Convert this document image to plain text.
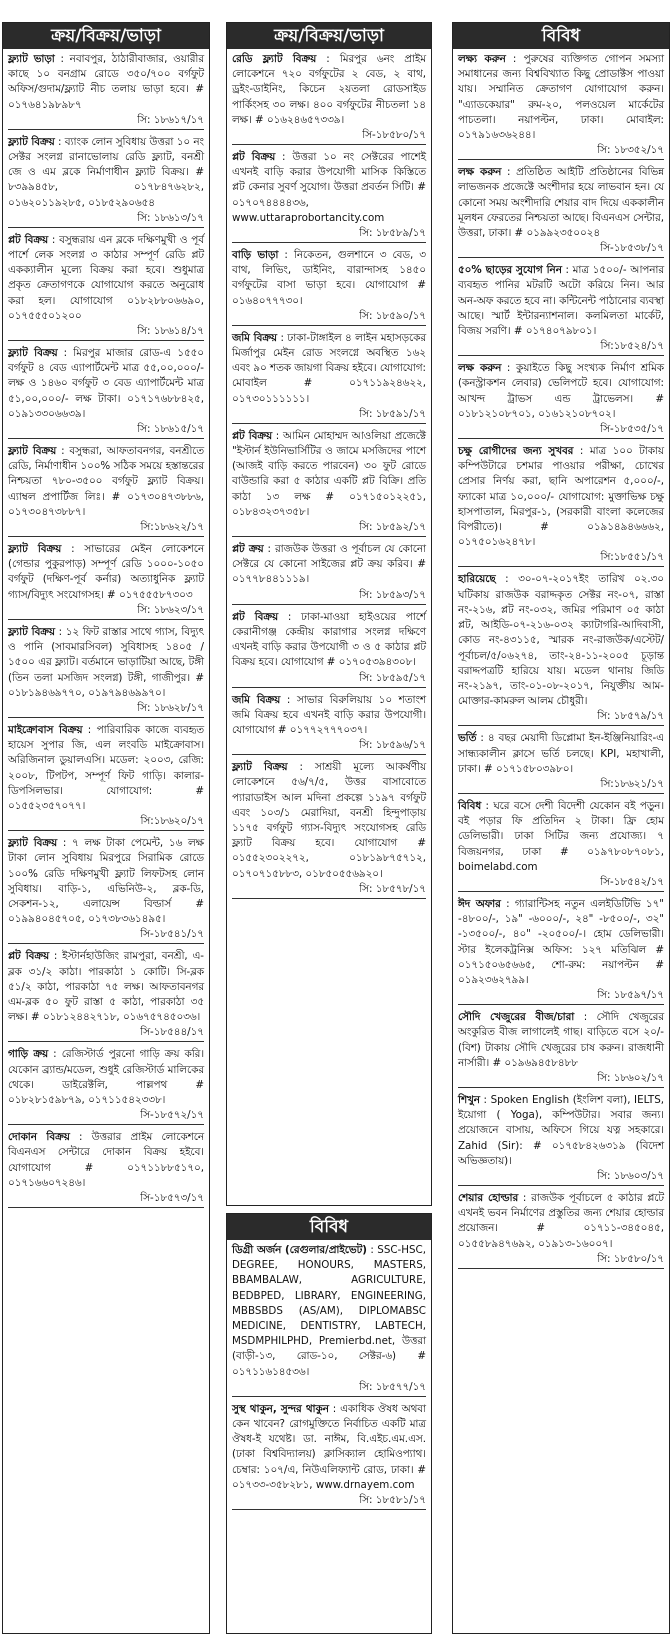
ক্রয়/বিক্রয়/ভাড়া
ফ্ল্যাট ভাড়া : নবাবপুর, ঠাঠারীবাজার, ওয়ারীর কাছে ১০ বনগ্রাম রোডে ৩৫০/৭০০ বর্গফুট অফিস/গুদাম/ফ্ল্যাট নীচ তলায় ভাড়া হবে। # ০১৭৬৪১৯৮৯৮৭
সি: ১৮৬১৭/১৭
ফ্ল্যাট বিক্রয় : ব্যাংক লোন সুবিধায় উত্তরা ১০ নং সেক্টর সংলগ্ন রানাভোলায় রেডি ফ্ল্যাট, বনশ্রী জে ও এম ব্লকে নির্মাণাধীন ফ্ল্যাট বিক্রয়। # ৮৩৯৯৪৫৮, ০১৭৮৪৭৬২৮২, ০১৬২০১১৯২৮৫, ০১৮৫২৯০৬৫৪
সি: ১৮৬১৩/১৭
প্লট বিক্রয় : বসুন্ধরায় এন ব্লকে দক্ষিণমুখী ও পূর্ব পার্শে লেক সংলগ্ন ৩ কাঠার সম্পূর্ণ রেডি প্লট একক্যালীন মূল্যে বিক্রয় করা হবে। শুধুমাত্র প্রকৃত ক্রেতাগণকে যোগাযোগ করতে অনুরোধ করা হল। যোগাযোগ ০১৮২৮৮০৬৬৯০, ০১৭৫৫৫০১২০০
সি: ১৮৬১৪/১৭
ফ্ল্যাট বিক্রয় : মিরপুর মাজার রোড-এ ১৫৫০ বর্গফুট ৪ বেড এ্যাপার্টমেন্ট মাত্র ৫৫,০০,০০০/- লক্ষ ও ১৪৬০ বর্গফুট ৩ বেড এ্যাপার্টমেন্ট মাত্র ৫১,০০,০০০/- লক্ষ টাকা। ০১৭১৭৬৮৮৪২৫, ০১৯১৩৩০৬৬৩৯।
সি: ১৮৬১৫/১৭
ফ্ল্যাট বিক্রয় : বসুন্ধরা, আফতাবনগর, বনশ্রীতে রেডি, নির্মাণাধীন ১০০% সঠিক সময়ে হস্তান্তরের নিশ্চয়তা ৭৮০-৩৫০০ বর্গফুট ফ্ল্যাট বিক্রয়। এ্যাম্বল প্রপার্টিজ লিঃ। # ০১৭৩০৪৭৩৮৮৬, ০১৭৩০৪৭৩৮৮৭।
সি:১৮৬২২/১৭
ফ্ল্যাট বিক্রয় : সাভারের মেইন লোকেশনে (গেন্ডার পুকুরপাড়) সম্পূর্ণ রেডি ১০০০-১০৫০ বর্গফুট (দক্ষিণ-পূর্ব কর্নার) অত্যাধুনিক ফ্ল্যাট গ্যাস/বিদ্যুৎ সংযোগসহ। # ০১৭৫৫৫৮৭৩০৩
সি: ১৮৬২৩/১৭
ফ্ল্যাট বিক্রয় : ১২ ফিট রাস্তার সাথে গ্যাস, বিদ্যুৎ ও পানি (সাবমারসিবল) সুবিধাসহ ১৪০৫ /১৫০০ এর ফ্ল্যাট। বর্তমানে ভাড়াটিয়া আছে, টঙ্গী (তিন তলা মসজিদ সংলগ্ন) টঙ্গী, গাজীপুর। # ০১৮১৯৪৬৯৭৭০, ০১৯৭৯৪৬৯৯৭০।
সি: ১৮৬২৮/১৭
মাইক্রোবাস বিক্রয় : পারিবারিক কাজে ব্যবহৃত হায়েস সুপার জি, এল লংবডি মাইক্রোবাস। অরিজিনাল ডুয়ালএসি। মডেল: ২০০৩, রেজি: ২০০৮, টিপটপ, সম্পূর্ণ ফিট গাড়ি। কালার-ডিপসিলভার। যোগাযোগ: # ০১৫৫২৩৫৭০৭৭।
সি:১৮৬২০/১৭
ফ্ল্যাট বিক্রয় : ৭ লক্ষ টাকা পেমেন্ট, ১৬ লক্ষ টাকা লোন সুবিধায় মিরপুরে সিরামিক রোডে ১০০% রেডি দক্ষিণমুখী ফ্ল্যাট লিফটসহ লোন সুবিধায়। বাড়ি-১, এভিনিউ-২, ব্লক-ডি, সেকশন-১২, এলায়েন্স বিল্ডার্স # ০১৯৯৪০৪৫৭০৫, ০১৭৩৮৩৬১৪৯৫।
সি-১৮৫৪১/১৭
প্লট বিক্রয় : ইস্টার্নহাউজিং রামপুরা, বনশ্রী, এ-ব্লক ৩১/২ কাঠা। পারকাঠা ১ কোটি। সি-ব্লক ৫১/২ কাঠা, পারকাঠা ৭৫ লক্ষ। আফতাবনগর এম-ব্লক ৫০ ফুট রাস্তা ৫ কাঠা, পারকাঠা ৩৫ লক্ষ। # ০১৮১২৪৪২৭১৮, ০১৬৭৫৭৪৫০৩৬।
সি-১৮৫৪৪/১৭
গাড়ি ক্রয় : রেজিস্টার্ড পুরনো গাড়ি ক্রয় করি। যেকোন ব্র্যান্ড/মডেল, শুধুই রেজিস্টার্ড মালিকের থেকে। ডাইরেক্টলি, পাল্লপথ # ০১৮২৮১৫৯৮৭৯, ০১৭১১৫৪২৩৩৮।
সি-১৮৫৭২/১৭
দোকান বিক্রয় : উত্তরার প্রাইম লোকেশনে বিএনএস সেন্টারে দোকান বিক্রয় হইবে। যোগাযোগ # ০১৭১১৮৮৫১৭০, ০১৭১৬৬০৭২৪৬।
সি-১৮৫৭৩/১৭
ক্রয়/বিক্রয়/ভাড়া
রেডি ফ্ল্যাট বিক্রয় : মিরপুর ৬নং প্রাইম লোকেশনে ৭২০ বর্গফুটের ২ বেড, ২ বাথ, ড্রইং-ডাইনিং, কিচেন ২য়তলা রোডসাইড পার্কিংসহ ৩০ লক্ষ। ৪০০ বর্গফুটের নীচতলা ১৪ লক্ষ। # ০১৬২৪৬৫৭৩৩৯।
সি-১৮৫৮০/১৭
প্লট বিক্রয় : উত্তরা ১০ নং সেক্টরের পাশেই এখনই বাড়ি করার উপযোগী মাসিক কিস্তিতে প্লট কেনার সুবর্ণ সুযোগ। উত্তরা প্রবর্তন সিটি। # ০১৭০৭৪৪৪৪৩৬, www.uttaraprobortancity.com
সি: ১৮৫৮৯/১৭
বাড়ি ভাড়া : নিকেতন, গুলশানে ৩ বেড, ৩ বাথ, লিভিং, ডাইনিং, বারান্দাসহ ১৪৫০ বর্গফুটের বাসা ভাড়া হবে। যোগাযোগ # ০১৬৪০৭৭৭৩০।
সি: ১৮৫৯০/১৭
জমি বিক্রয় : ঢাকা-টাঙ্গাইল ৪ লাইন মহাসড়কের মির্জাপুর মেইন রোড সংলগ্নে অবস্থিত ১৬২ এবং ৯০ শতক জায়গা বিক্রয় হইবে। যোগাযোগ: মোবাইল # ০১৭১১৯২৪৬২২, ০১৭৩০১১১১১১।
সি: ১৮৫৯১/১৭
প্লট বিক্রয় : আমিন মোহাম্মদ আওলিয়া প্রজেক্টে "ইস্টার্ন ইউনিভার্সিটির ও জামে মসজিদের পাশে (আজই বাড়ি করতে পারবেন) ৩০ ফুট রোডে বাউন্ডারি করা ৫ কাঠার একটি প্লট বিক্রি। প্রতি কাঠা ১৩ লক্ষ # ০১৭১৫০১২২৫১, ০১৮৪৩২৩৭৩৫৮।
সি: ১৮৫৯২/১৭
প্লট ক্রয় : রাজউক উত্তরা ও পূর্বাচল যে কোনো সেক্টরে যে কোনো সাইজের প্লট ক্রয় করিব। # ০১৭৭৮৪৪১১১৯।
সি: ১৮৫৯৩/১৭
প্লট বিক্রয় : ঢাকা-মাওয়া হাইওয়ের পার্শে কেরানীগঞ্জ কেন্দ্রীয় কারাগার সংলগ্ন দক্ষিণে এখনই বাড়ি করার উপযোগী ৩ ও ৫ কাঠার প্লট বিক্রয় হবে। যোগাযোগ # ০১৭০৫৩৯৪৩০৮।
সি: ১৮৫৯৫/১৭
জমি বিক্রয় : সাভার বিরুলিয়ায় ১০ শতাংশ জমি বিক্রয় হবে এখনই বাড়ি করার উপযোগী। যোগাযোগ # ০১৭৭২৭৭৭০৩৭।
সি: ১৮৫৯৬/১৭
ফ্ল্যাট বিক্রয় : সাশ্রয়ী মূল্যে আকর্ষণীয় লোকেশনে ৫৬/৭/৫, উত্তর বাসাবোতে প্যারাডাইস আল মদিনা প্রকল্পে ১১৯৭ বর্গফুট এবং ১০৩/১ মেরাদিয়া, বনশ্রী হিন্দুপাড়ায় ১১৭৫ বর্গফুট গ্যাস-বিদ্যুৎ সংযোগসহ রেডি ফ্ল্যাট বিক্রয় হবে। যোগাযোগ # ০১৫৫২৩০২২৭২, ০১৮১৯৮৭৫৭১২, ০১৭০৭১৫৮৮৩, ০১৮৫০৫৫৬৯২০।
সি: ১৮৫৭৮/১৭
বিবিধ
লক্ষ্য করুন : পুরুষের ব্যক্তিগত গোপন সমস্যা সমাধানের জন্য বিশ্ববিখ্যাত কিছু প্রোডাক্টস পাওয়া যায়। সম্মানিত ক্রেতাগণ যোগাযোগ করুন। "এ্যাডকেয়ার" রুম-২০, পলওয়েল মার্কেটের পাচতলা। নয়াপল্টন, ঢাকা। মোবাইল: ০১৭৯১৬৩৬২৪৪।
সি: ১৮৩৫২/১৭
লক্ষ করুন : প্রতিষ্ঠিত আইটি প্রতিষ্ঠানের বিভিন্ন লাভজনক প্রজেক্টে অংশীদার হয়ে লাভবান হন। যে কোনো সময় অংশীদারি শেয়ার বাদ দিয়ে এককালীন মূলধন ফেরতের নিশ্চয়তা আছে। বিএনএস সেন্টার, উত্তরা, ঢাকা। # ০১৯৯২৩৫০০২৪
সি-১৮৫৩৮/১৭
৫০% ছাড়ের সুযোগ নিন : মাত্র ১৫০০/- আপনার ব্যবহৃত পানির মটরটি অটো করিয়ে নিন। আর অন-অফ করতে হবে না। কন্টিনেন্ট পাঠানোর ব্যবস্থা আছে। স্মার্ট ইন্টারন্যাশনাল। কলমিলতা মার্কেট, বিজয় সরণি। # ০১৭৪০৭৯৮০১।
সি:১৮৫২৪/১৭
লক্ষ করুন : কুয়াইতে কিছু সংখ্যক নির্মাণ শ্রমিক (কনস্ট্রাকশন লেবার) ভেলিপটে হবে। যোগাযোগ: আখন্দ ট্রাভস এন্ড ট্রাভেলস। # ০১৮১২১০৮৭০১, ০১৬১২১০৮৭০২।
সি-১৮৫৩৫/১৭
চক্ষু রোগীদের জন্য সুখবর : মাত্র ১০০ টাকায় কম্পিউটারে চশমার পাওয়ার পরীক্ষা, চোখের প্রেসার নির্ণয় করা, ছানি অপারেশন ৫,০০০/-, ফ্যাকো মাত্র ১০,০০০/- যোগাযোগ: মুক্তাভিক্ষ চক্ষু হাসপাতাল, মিরপুর-১, (সরকারী বাংলা কলেজের বিপরীতে)। # ০১৯১৪৯৪৬৬৬২, ০১৭৫০১৬২৪৭৮।
সি:১৮৫৫১/১৭
হারিয়েছে : ৩০-০৭-২০১৭ইং তারিখ ০২.৩০ ঘটিকায় রাজউক বরাদ্দকৃত সেক্টর নং-০৭, রাস্তা নং-২১৬, প্লট নং-০৩২, জমির পরিমাণ ০৫ কাঠা প্লট, আইডি-০৭-২১৬-০৩২ ক্যাটাগরি-আদিবাসী, কোড নং-৪৩১১৫, স্মারক নং-রাজউক/এস্টেট/পূর্বাচল/৫/০৬২৭৪, তাং-২৪-১১-২০০৫ চূড়ান্ত বরাদ্দপত্রটি হারিয়ে যায়। মডেল থানায় জিডি নং-২১৯৭, তাং-০১-০৮-২০১৭, নিযুক্তীয় আম-মোক্তার-কামরুল আলম চৌধুরী।
সি: ১৮৫৭৯/১৭
ভর্তি : ৪ বছর মেয়াদী ডিপ্লোমা ইন-ইঞ্জিনিয়ারিং-এ সান্ধ্যকালীন ক্লাসে ভর্তি চলছে। KPI, মহাখালী, ঢাকা। # ০১৭১৫৮০৩৯৮০।
সি:১৮৬২১/১৭
বিবিধ : ঘরে বসে দেশী বিদেশী যেকোন বই পড়ুন। বই পড়ার ফি প্রতিদিন ২ টাকা। ফ্রি হোম ডেলিভারী। ঢাকা সিটির জন্য প্রযোজ্য। ৭ বিজয়নগর, ঢাকা # ০১৯৭৮০৮৭০৮১, boimelabd.com
সি-১৮৫৪২/১৭
ঈদ অফার : গ্যারান্টিসহ নতুন এলইডিটিভি ১৭" -৪৮০০/-, ১৯" -৬০০০/-, ২৪" -৮৫০০/-, ৩২" -১৩৫০০/-, ৪০" -২০৫০০/-। হোম ডেলিভারী। স্টার ইলেকট্রনিক্স অফিস: ১২৭ মতিঝিল # ০১৭১৫০৬৫৬৬৫, শো-রুম: নয়াপল্টন # ০১৯২৩৬২৭৯৯।
সি: ১৮৫৯৭/১৭
সৌদি খেজুরের বীজ/চারা : সৌদি খেজুরের অংকুরিত বীজ লাগালেই গাছ। বাড়িতে বসে ২০/- (বিশ) টাকায় সৌদি খেজুরের চাষ করুন। রাজধানী নার্সারী। # ০১৯৬৯৪৫৮৪৮৮
সি: ১৮৬০২/১৭
শিখুন : Spoken English (ইংলিশ বলা), IELTS, ইয়োগা ( Yoga), কম্পিউটার। সবার জন্য। প্রয়োজনে বাসায়, অফিসে গিয়ে যত্ন সহকারে। Zahid (Sir): # ০১৭৫৮৪২৬৩১৯ (বিদেশ অভিজ্ঞতায়)।
সি: ১৮৬০৩/১৭
শেয়ার হোল্ডার : রাজউক পূর্বাচলে ৫ কাঠার প্লটে এখনই ভবন নির্মাণের প্রস্তুতির জন্য শেয়ার হোল্ডার প্রয়োজন। # ০১৭১১-৩৪৫০৪৫, ০১৫৫৮৯৪৭৬৯২, ০১৯১৩-১৬০০৭।
সি: ১৮৫৮০/১৭
বিবিধ
ডিগ্রী অর্জন (রেগুলার/প্রাইভেট) : SSC-HSC, DEGREE, HONOURS, MASTERS, BBAMBALAW, AGRICULTURE, BEDBPED, LIBRARY, ENGINEERING, MBBSBDS (AS/AM), DIPLOMABSC MEDICINE, DENTISTRY, LABTECH, MSDMPHILPHD, Premierbd.net, উত্তরা (বাড়ী-১৩, রোড-১০, সেক্টর-৬) # ০১৭১১৬১৪৫৩৬।
সি: ১৮৫৭৭/১৭
সুস্থ থাকুন, সুন্দর থাকুন : একাধিক ঔষধ অথবা কেন খাবেন? রোগমুক্তিতে নির্বাচিত একটি মাত্র ঔষধ-ই যথেষ্ট। ডা. নাঈম, বি.এইচ.এম.এস. (ঢাকা বিশ্ববিদ্যালয়) ক্লাসিক্যাল হোমিওপ্যাথ। চেম্বার: ১০৭/এ, নিউএলিফ্যান্ট রোড, ঢাকা। # ০১৭৩৩-৩৫৮২৮১, www.drnayem.com
সি: ১৮৫৮১/১৭
